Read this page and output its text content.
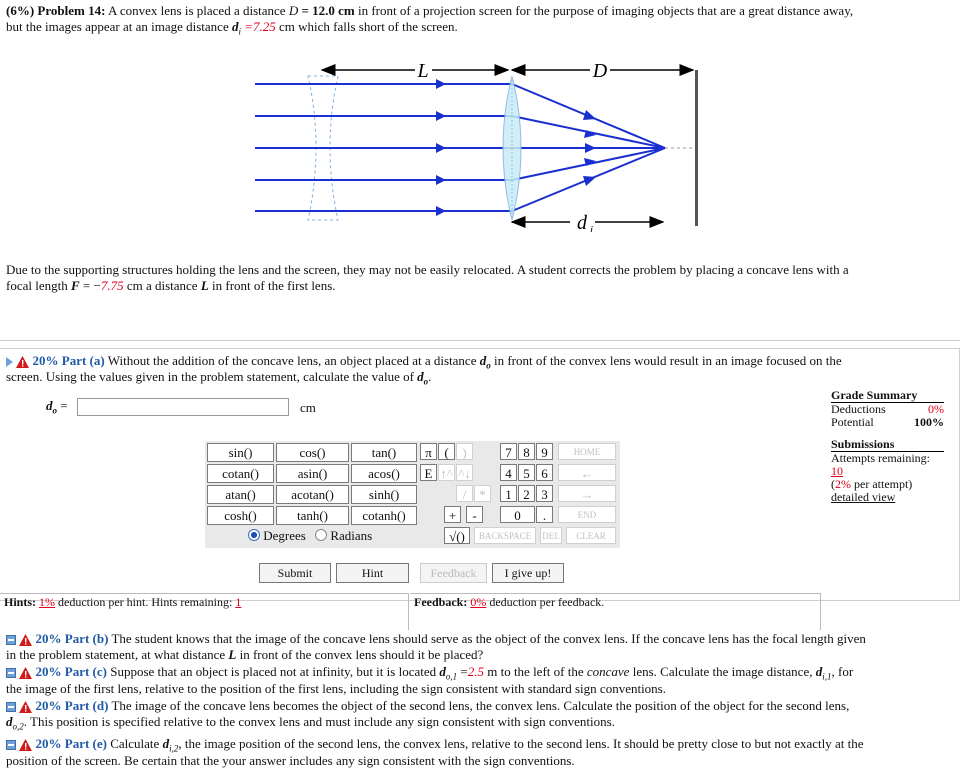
(6%) Problem 14: A convex lens is placed a distance D = 12.0 cm in front of a projection screen for the purpose of imaging objects that are a great distance away,
but the images appear at an image distance $d_i =7.25$ cm which falls short of the screen.
L	D
d i
Due to the supporting structures holding the lens and the screen, they may not be easily relocated. A student corrects the problem by placing a concave lens with a
focal length F = −7.75 cm a distance L in front of the first lens.
20% Part (a) Without the addition of the concave lens, an object placed at a distance $d_o$ in front of the convex lens would result in an image focused on the
screen. Using the values given in the problem statement, calculate the value of $d_o$.
$d_o$ =	cm
Grade Summary
Deductions	0%
Potential	100%
Submissions
Attempts remaining: 10
(2% per attempt)
detailed view
sin()	cos()	tan()
cotan()	asin()	acos()
atan()	acotan()	sinh()
cosh()	tanh()	cotanh()
Degrees Radians
π (	)	7 8 9	HOME
E ↑^ ^↓	4 5 6	←
/ *	1 2 3	→
+	-	0	.	END
√()	BACKSPACE	DEL	CLEAR
Submit	Hint	Feedback	I give up!
Hints: 1% deduction per hint. Hints remaining: 1	Feedback: 0% deduction per feedback.
20% Part (b) The student knows that the image of the concave lens should serve as the object of the convex lens. If the concave lens has the focal length given
in the problem statement, at what distance L in front of the convex lens should it be placed?
20% Part (c) Suppose that an object is placed not at infinity, but it is located $d_{o,1} =2.5$ m to the left of the concave lens. Calculate the image distance, $d_{i,1}$, for
the image of the first lens, relative to the position of the first lens, including the sign consistent with standard sign conventions.
20% Part (d) The image of the concave lens becomes the object of the second lens, the convex lens. Calculate the position of the object for the second lens,
$d_{o,2}$. This position is specified relative to the convex lens and must include any sign consistent with sign conventions.
20% Part (e) Calculate $d_{i,2}$, the image position of the second lens, the convex lens, relative to the second lens. It should be pretty close to but not exactly at the
position of the screen. Be certain that the your answer includes any sign consistent with the sign conventions.
